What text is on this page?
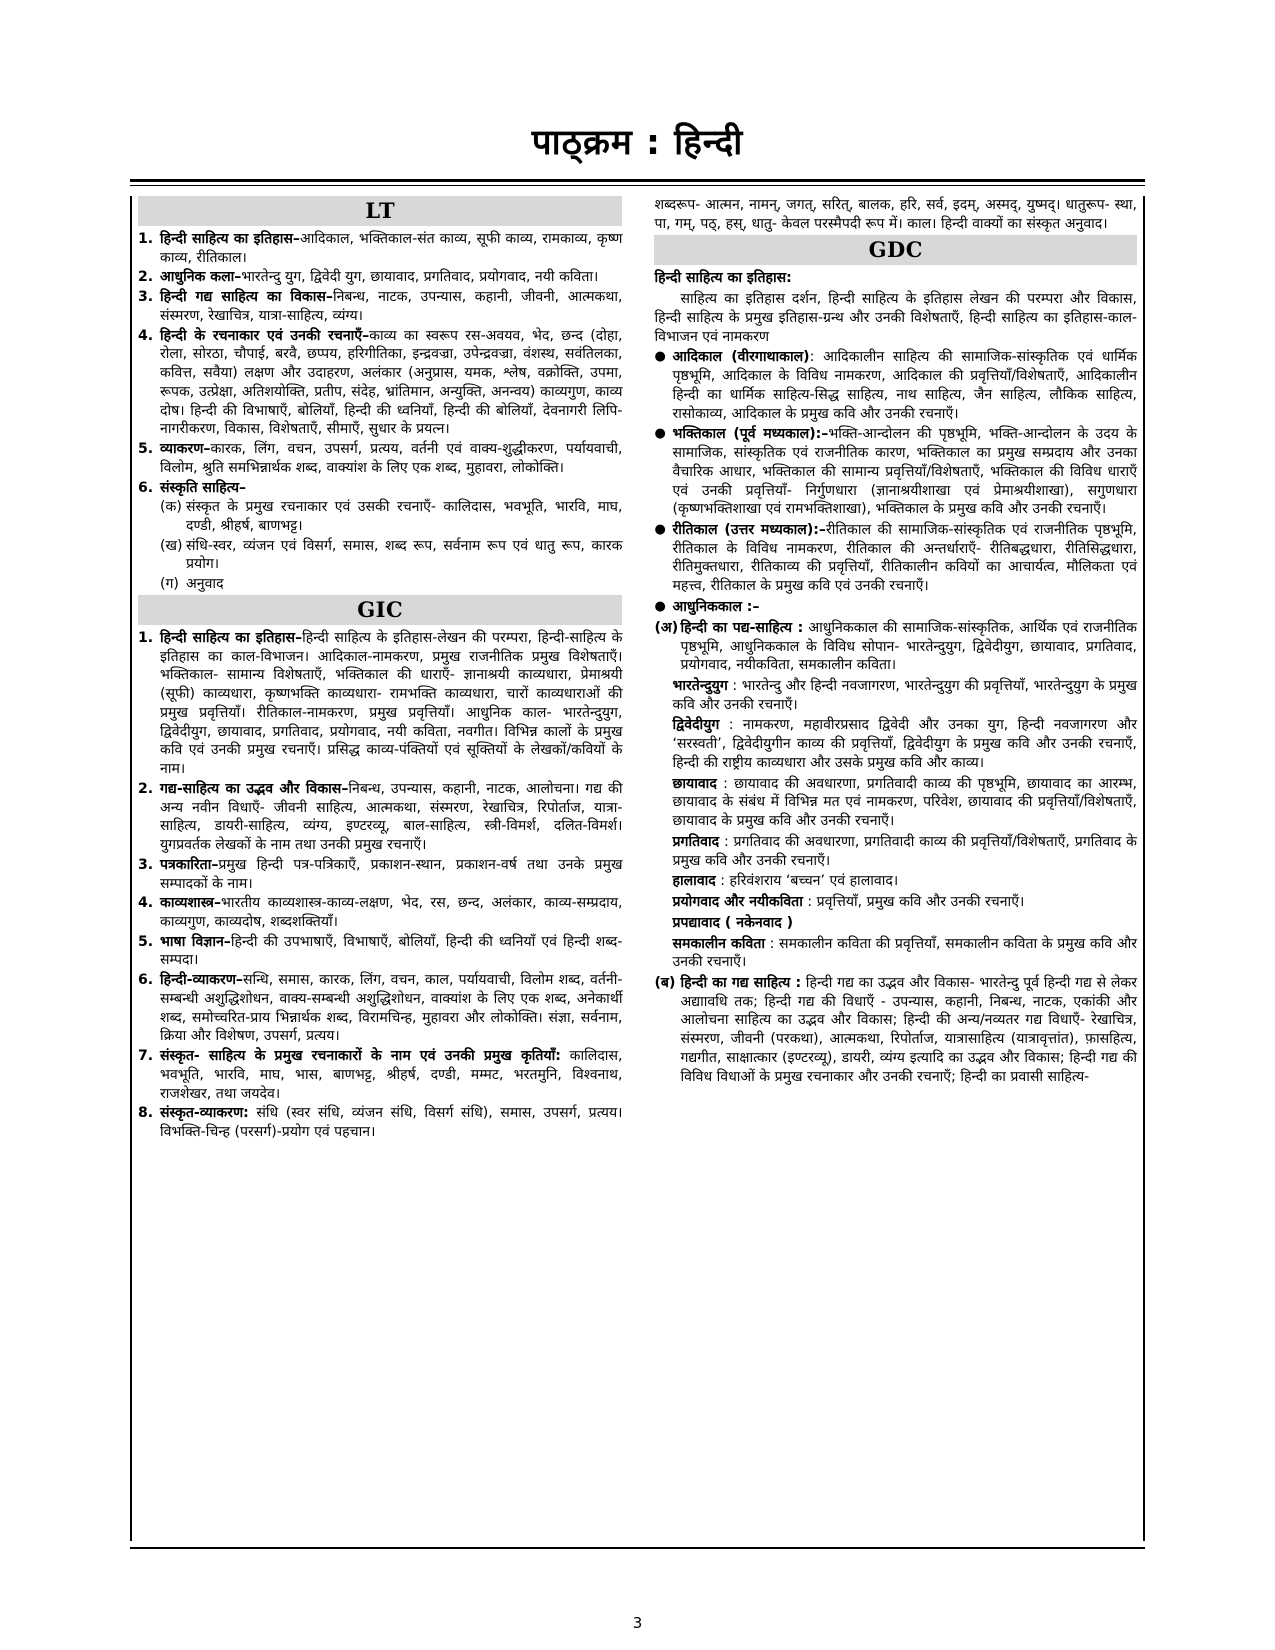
पाठ्क्रम : हिन्दी
LT
1. हिन्दी साहित्य का इतिहास–आदिकाल, भक्तिकाल-संत काव्य, सूफी काव्य, रामकाव्य, कृष्ण काव्य, रीतिकाल।
2. आधुनिक कला–भारतेन्दु युग, द्विवेदी युग, छायावाद, प्रगतिवाद, प्रयोगवाद, नयी कविता।
3. हिन्दी गद्य साहित्य का विकास–निबन्ध, नाटक, उपन्यास, कहानी, जीवनी, आत्मकथा, संस्मरण, रेखाचित्र, यात्रा-साहित्य, व्यंग्य।
4. हिन्दी के रचनाकार एवं उनकी रचनाएँ–काव्य का स्वरूप रस-अवयव, भेद, छन्द (दोहा, रोला, सोरठा, चौपाई, बरवै, छप्पय, हरिगीतिका, इन्द्रवज्रा, उपेन्द्रवज्रा, वंशस्थ, सवंतिलका, कवित्त, सवैया) लक्षण और उदाहरण, अलंकार (अनुप्रास, यमक, श्लेष, वक्रोक्ति, उपमा, रूपक, उत्प्रेक्षा, अतिशयोक्ति, प्रतीप, संदेह, भ्रांतिमान, अन्युक्ति, अनन्वय) काव्यगुण, काव्य दोष। हिन्दी की विभाषाएँ, बोलियाँ, हिन्दी की ध्वनियाँ, हिन्दी की बोलियाँ, देवनागरी लिपि-नागरीकरण, विकास, विशेषताएँ, सीमाएँ, सुधार के प्रयत्न।
5. व्याकरण–कारक, लिंग, वचन, उपसर्ग, प्रत्यय, वर्तनी एवं वाक्य-शुद्धीकरण, पर्यायवाची, विलोम, श्रुति समभिन्नार्थक शब्द, वाक्यांश के लिए एक शब्द, मुहावरा, लोकोक्ति।
6. संस्कृति साहित्य–
(क) संस्कृत के प्रमुख रचनाकार एवं उसकी रचनाएँ- कालिदास, भवभूति, भारवि, माघ, दण्डी, श्रीहर्ष, बाणभट्ट।
(ख) संधि-स्वर, व्यंजन एवं विसर्ग, समास, शब्द रूप, सर्वनाम रूप एवं धातु रूप, कारक प्रयोग।
(ग) अनुवाद
GIC
1. हिन्दी साहित्य का इतिहास–हिन्दी साहित्य के इतिहास-लेखन की परम्परा, हिन्दी-साहित्य के इतिहास का काल-विभाजन। आदिकाल-नामकरण, प्रमुख राजनीतिक प्रमुख विशेषताएँ। भक्तिकाल- सामान्य विशेषताएँ, भक्तिकाल की धाराएँ- ज्ञानाश्रयी काव्यधारा, प्रेमाश्रयी (सूफी) काव्यधारा, कृष्णभक्ति काव्यधारा- रामभक्ति काव्यधारा, चारों काव्यधाराओं की प्रमुख प्रवृत्तियाँ। रीतिकाल-नामकरण, प्रमुख प्रवृत्तियाँ। आधुनिक काल- भारतेन्दुयुग, द्विवेदीयुग, छायावाद, प्रगतिवाद, प्रयोगवाद, नयी कविता, नवगीत। विभिन्न कालों के प्रमुख कवि एवं उनकी प्रमुख रचनाएँ। प्रसिद्ध काव्य-पंक्तियों एवं सूक्तियों के लेखकों/कवियों के नाम।
2. गद्य-साहित्य का उद्भव और विकास–निबन्ध, उपन्यास, कहानी, नाटक, आलोचना। गद्य की अन्य नवीन विधाएँ- जीवनी साहित्य, आत्मकथा, संस्मरण, रेखाचित्र, रिपोर्ताज, यात्रा-साहित्य, डायरी-साहित्य, व्यंग्य, इण्टरव्यू, बाल-साहित्य, स्त्री-विमर्श, दलित-विमर्श। युगप्रवर्तक लेखकों के नाम तथा उनकी प्रमुख रचनाएँ।
3. पत्रकारिता–प्रमुख हिन्दी पत्र-पत्रिकाएँ, प्रकाशन-स्थान, प्रकाशन-वर्ष तथा उनके प्रमुख सम्पादकों के नाम।
4. काव्यशास्त्र–भारतीय काव्यशास्त्र-काव्य-लक्षण, भेद, रस, छन्द, अलंकार, काव्य-सम्प्रदाय, काव्यगुण, काव्यदोष, शब्दशक्तियाँ।
5. भाषा विज्ञान–हिन्दी की उपभाषाएँ, विभाषाएँ, बोलियाँ, हिन्दी की ध्वनियाँ एवं हिन्दी शब्द-सम्पदा।
6. हिन्दी-व्याकरण–सन्धि, समास, कारक, लिंग, वचन, काल, पर्यायवाची, विलोम शब्द, वर्तनी-सम्बन्धी अशुद्धिशोधन, वाक्य-सम्बन्धी अशुद्धिशोधन, वाक्यांश के लिए एक शब्द, अनेकार्थी शब्द, समोच्चरित-प्राय भिन्नार्थक शब्द, विरामचिन्ह, मुहावरा और लोकोक्ति। संज्ञा, सर्वनाम, क्रिया और विशेषण, उपसर्ग, प्रत्यय।
7. संस्कृत- साहित्य के प्रमुख रचनाकारों के नाम एवं उनकी प्रमुख कृतियाँ: कालिदास, भवभूति, भारवि, माघ, भास, बाणभट्ट, श्रीहर्ष, दण्डी, मम्मट, भरतमुनि, विश्वनाथ, राजशेखर, तथा जयदेव।
8. संस्कृत-व्याकरण: संधि (स्वर संधि, व्यंजन संधि, विसर्ग संधि), समास, उपसर्ग, प्रत्यय। विभक्ति-चिन्ह (परसर्ग)-प्रयोग एवं पहचान।
शब्दरूप- आत्मन, नामन्, जगत्, सरित्, बालक, हरि, सर्व, इदम्, अस्मद्, युष्मद्। धातुरूप- स्था, पा, गम्, पठ्, हस्, धातु- केवल परस्मैपदी रूप में। काल। हिन्दी वाक्यों का संस्कृत अनुवाद।
GDC
हिन्दी साहित्य का इतिहास:
साहित्य का इतिहास दर्शन, हिन्दी साहित्य के इतिहास लेखन की परम्परा और विकास, हिन्दी साहित्य के प्रमुख इतिहास-ग्रन्थ और उनकी विशेषताएँ, हिन्दी साहित्य का इतिहास-काल-विभाजन एवं नामकरण
● आदिकाल (वीरगाथाकाल): आदिकालीन साहित्य की सामाजिक-सांस्कृतिक एवं धार्मिक पृष्ठभूमि, आदिकाल के विविध नामकरण, आदिकाल की प्रवृत्तियाँ/विशेषताएँ, आदिकालीन हिन्दी का धार्मिक साहित्य-सिद्ध साहित्य, नाथ साहित्य, जैन साहित्य, लौकिक साहित्य, रासोकाव्य, आदिकाल के प्रमुख कवि और उनकी रचनाएँ।
● भक्तिकाल (पूर्व मध्यकाल):–भक्ति-आन्दोलन की पृष्ठभूमि, भक्ति-आन्दोलन के उदय के सामाजिक, सांस्कृतिक एवं राजनीतिक कारण, भक्तिकाल का प्रमुख सम्प्रदाय और उनका वैचारिक आधार, भक्तिकाल की सामान्य प्रवृत्तियाँ/विशेषताएँ, भक्तिकाल की विविध धाराएँ एवं उनकी प्रवृत्तियाँ- निर्गुणधारा (ज्ञानाश्रयीशाखा एवं प्रेमाश्रयीशाखा), सगुणधारा (कृष्णभक्तिशाखा एवं रामभक्तिशाखा), भक्तिकाल के प्रमुख कवि और उनकी रचनाएँ।
● रीतिकाल (उत्तर मध्यकाल):–रीतिकाल की सामाजिक-सांस्कृतिक एवं राजनीतिक पृष्ठभूमि, रीतिकाल के विविध नामकरण, रीतिकाल की अन्तर्धाराएँ- रीतिबद्धधारा, रीतिसिद्धधारा, रीतिमुक्तधारा, रीतिकाव्य की प्रवृत्तियाँ, रीतिकालीन कवियों का आचार्यत्व, मौलिकता एवं महत्त्व, रीतिकाल के प्रमुख कवि एवं उनकी रचनाएँ।
● आधुनिककाल :–
(अ) हिन्दी का पद्य-साहित्य : आधुनिककाल की सामाजिक-सांस्कृतिक, आर्थिक एवं राजनीतिक पृष्ठभूमि, आधुनिककाल के विविध सोपान- भारतेन्दुयुग, द्विवेदीयुग, छायावाद, प्रगतिवाद, प्रयोगवाद, नयीकविता, समकालीन कविता।
भारतेन्दुयुग : भारतेन्दु और हिन्दी नवजागरण, भारतेन्दुयुग की प्रवृत्तियाँ, भारतेन्दुयुग के प्रमुख कवि और उनकी रचनाएँ।
द्विवेदीयुग : नामकरण, महावीरप्रसाद द्विवेदी और उनका युग, हिन्दी नवजागरण और ‘सरस्वती’, द्विवेदीयुगीन काव्य की प्रवृत्तियाँ, द्विवेदीयुग के प्रमुख कवि और उनकी रचनाएँ, हिन्दी की राष्ट्रीय काव्यधारा और उसके प्रमुख कवि और काव्य।
छायावाद : छायावाद की अवधारणा, प्रगतिवादी काव्य की पृष्ठभूमि, छायावाद का आरम्भ, छायावाद के संबंध में विभिन्न मत एवं नामकरण, परिवेश, छायावाद की प्रवृत्तियाँ/विशेषताएँ, छायावाद के प्रमुख कवि और उनकी रचनाएँ।
प्रगतिवाद : प्रगतिवाद की अवधारणा, प्रगतिवादी काव्य की प्रवृत्तियाँ/विशेषताएँ, प्रगतिवाद के प्रमुख कवि और उनकी रचनाएँ।
हालावाद : हरिवंशराय ‘बच्चन’ एवं हालावाद।
प्रयोगवाद और नयीकविता : प्रवृत्तियाँ, प्रमुख कवि और उनकी रचनाएँ।
प्रपद्यावाद ( नकेनवाद )
समकालीन कविता : समकालीन कविता की प्रवृत्तियाँ, समकालीन कविता के प्रमुख कवि और उनकी रचनाएँ।
(ब) हिन्दी का गद्य साहित्य : हिन्दी गद्य का उद्भव और विकास- भारतेन्दु पूर्व हिन्दी गद्य से लेकर अद्याावधि तक; हिन्दी गद्य की विधाएँ - उपन्यास, कहानी, निबन्ध, नाटक, एकांकी और आलोचना साहित्य का उद्भव और विकास; हिन्दी की अन्य/नव्यतर गद्य विधाएँ- रेखाचित्र, संस्मरण, जीवनी (परकथा), आत्मकथा, रिपोर्ताज, यात्रासाहित्य (यात्रावृत्तांत), फ़ासहित्य, गद्यगीत, साक्षात्कार (इण्टरव्यू), डायरी, व्यंग्य इत्यादि का उद्भव और विकास; हिन्दी गद्य की विविध विधाओं के प्रमुख रचनाकार और उनकी रचनाएँ; हिन्दी का प्रवासी साहित्य-
3
